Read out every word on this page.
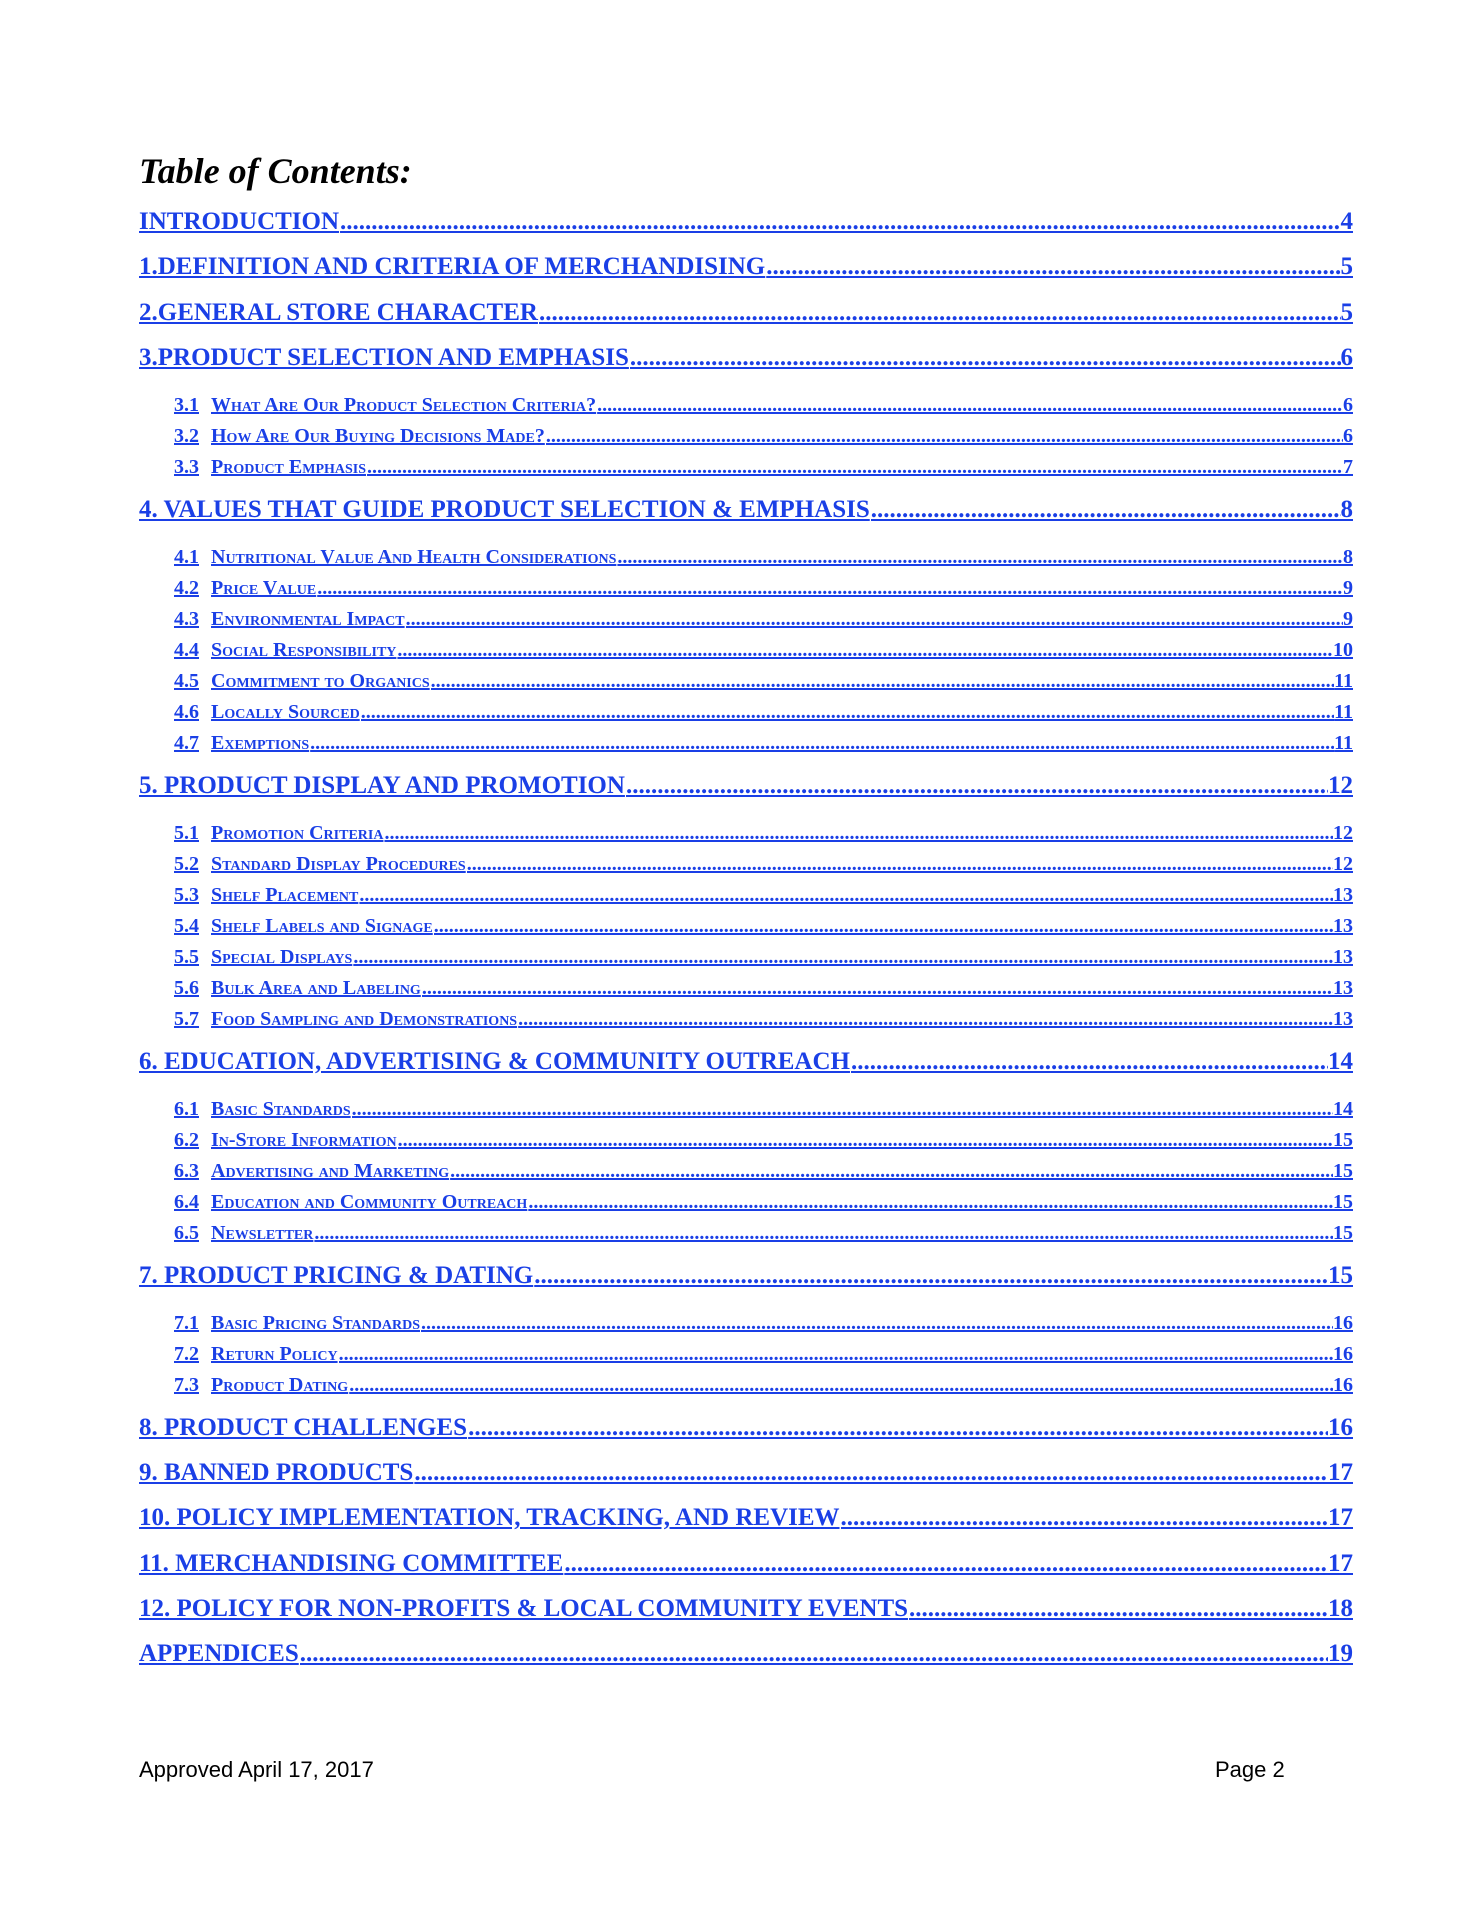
Table of Contents:
INTRODUCTION .....	4
1.DEFINITION AND CRITERIA OF MERCHANDISING .....	5
2.GENERAL STORE CHARACTER .....	5
3.PRODUCT SELECTION AND EMPHASIS .....	6
3.1 What Are Our Product Selection Criteria? .....	6
3.2 How Are Our Buying Decisions Made? .....	6
3.3 Product Emphasis .....	7
4. VALUES THAT GUIDE PRODUCT SELECTION & EMPHASIS .....	8
4.1 Nutritional Value And Health Considerations .....	8
4.2 Price Value .....	9
4.3 Environmental Impact .....	9
4.4 Social Responsibility .....	10
4.5 Commitment to Organics .....	11
4.6 Locally Sourced .....	11
4.7 Exemptions .....	11
5. PRODUCT DISPLAY AND PROMOTION .....	12
5.1 Promotion Criteria .....	12
5.2 Standard Display Procedures .....	12
5.3 Shelf Placement .....	13
5.4 Shelf Labels and Signage .....	13
5.5 Special Displays .....	13
5.6 Bulk Area and Labeling .....	13
5.7 Food Sampling and Demonstrations .....	13
6. EDUCATION, ADVERTISING & COMMUNITY OUTREACH .....	14
6.1 Basic Standards .....	14
6.2 In-Store Information .....	15
6.3 Advertising and Marketing .....	15
6.4 Education and Community Outreach .....	15
6.5 Newsletter .....	15
7. PRODUCT PRICING & DATING .....	15
7.1 Basic Pricing Standards .....	16
7.2 Return Policy .....	16
7.3 Product Dating .....	16
8. PRODUCT CHALLENGES .....	16
9. BANNED PRODUCTS .....	17
10. POLICY IMPLEMENTATION, TRACKING, AND REVIEW .....	17
11. MERCHANDISING COMMITTEE .....	17
12. POLICY FOR NON-PROFITS & LOCAL COMMUNITY EVENTS .....	18
APPENDICES .....	19

Approved April 17, 2017	Page 2
